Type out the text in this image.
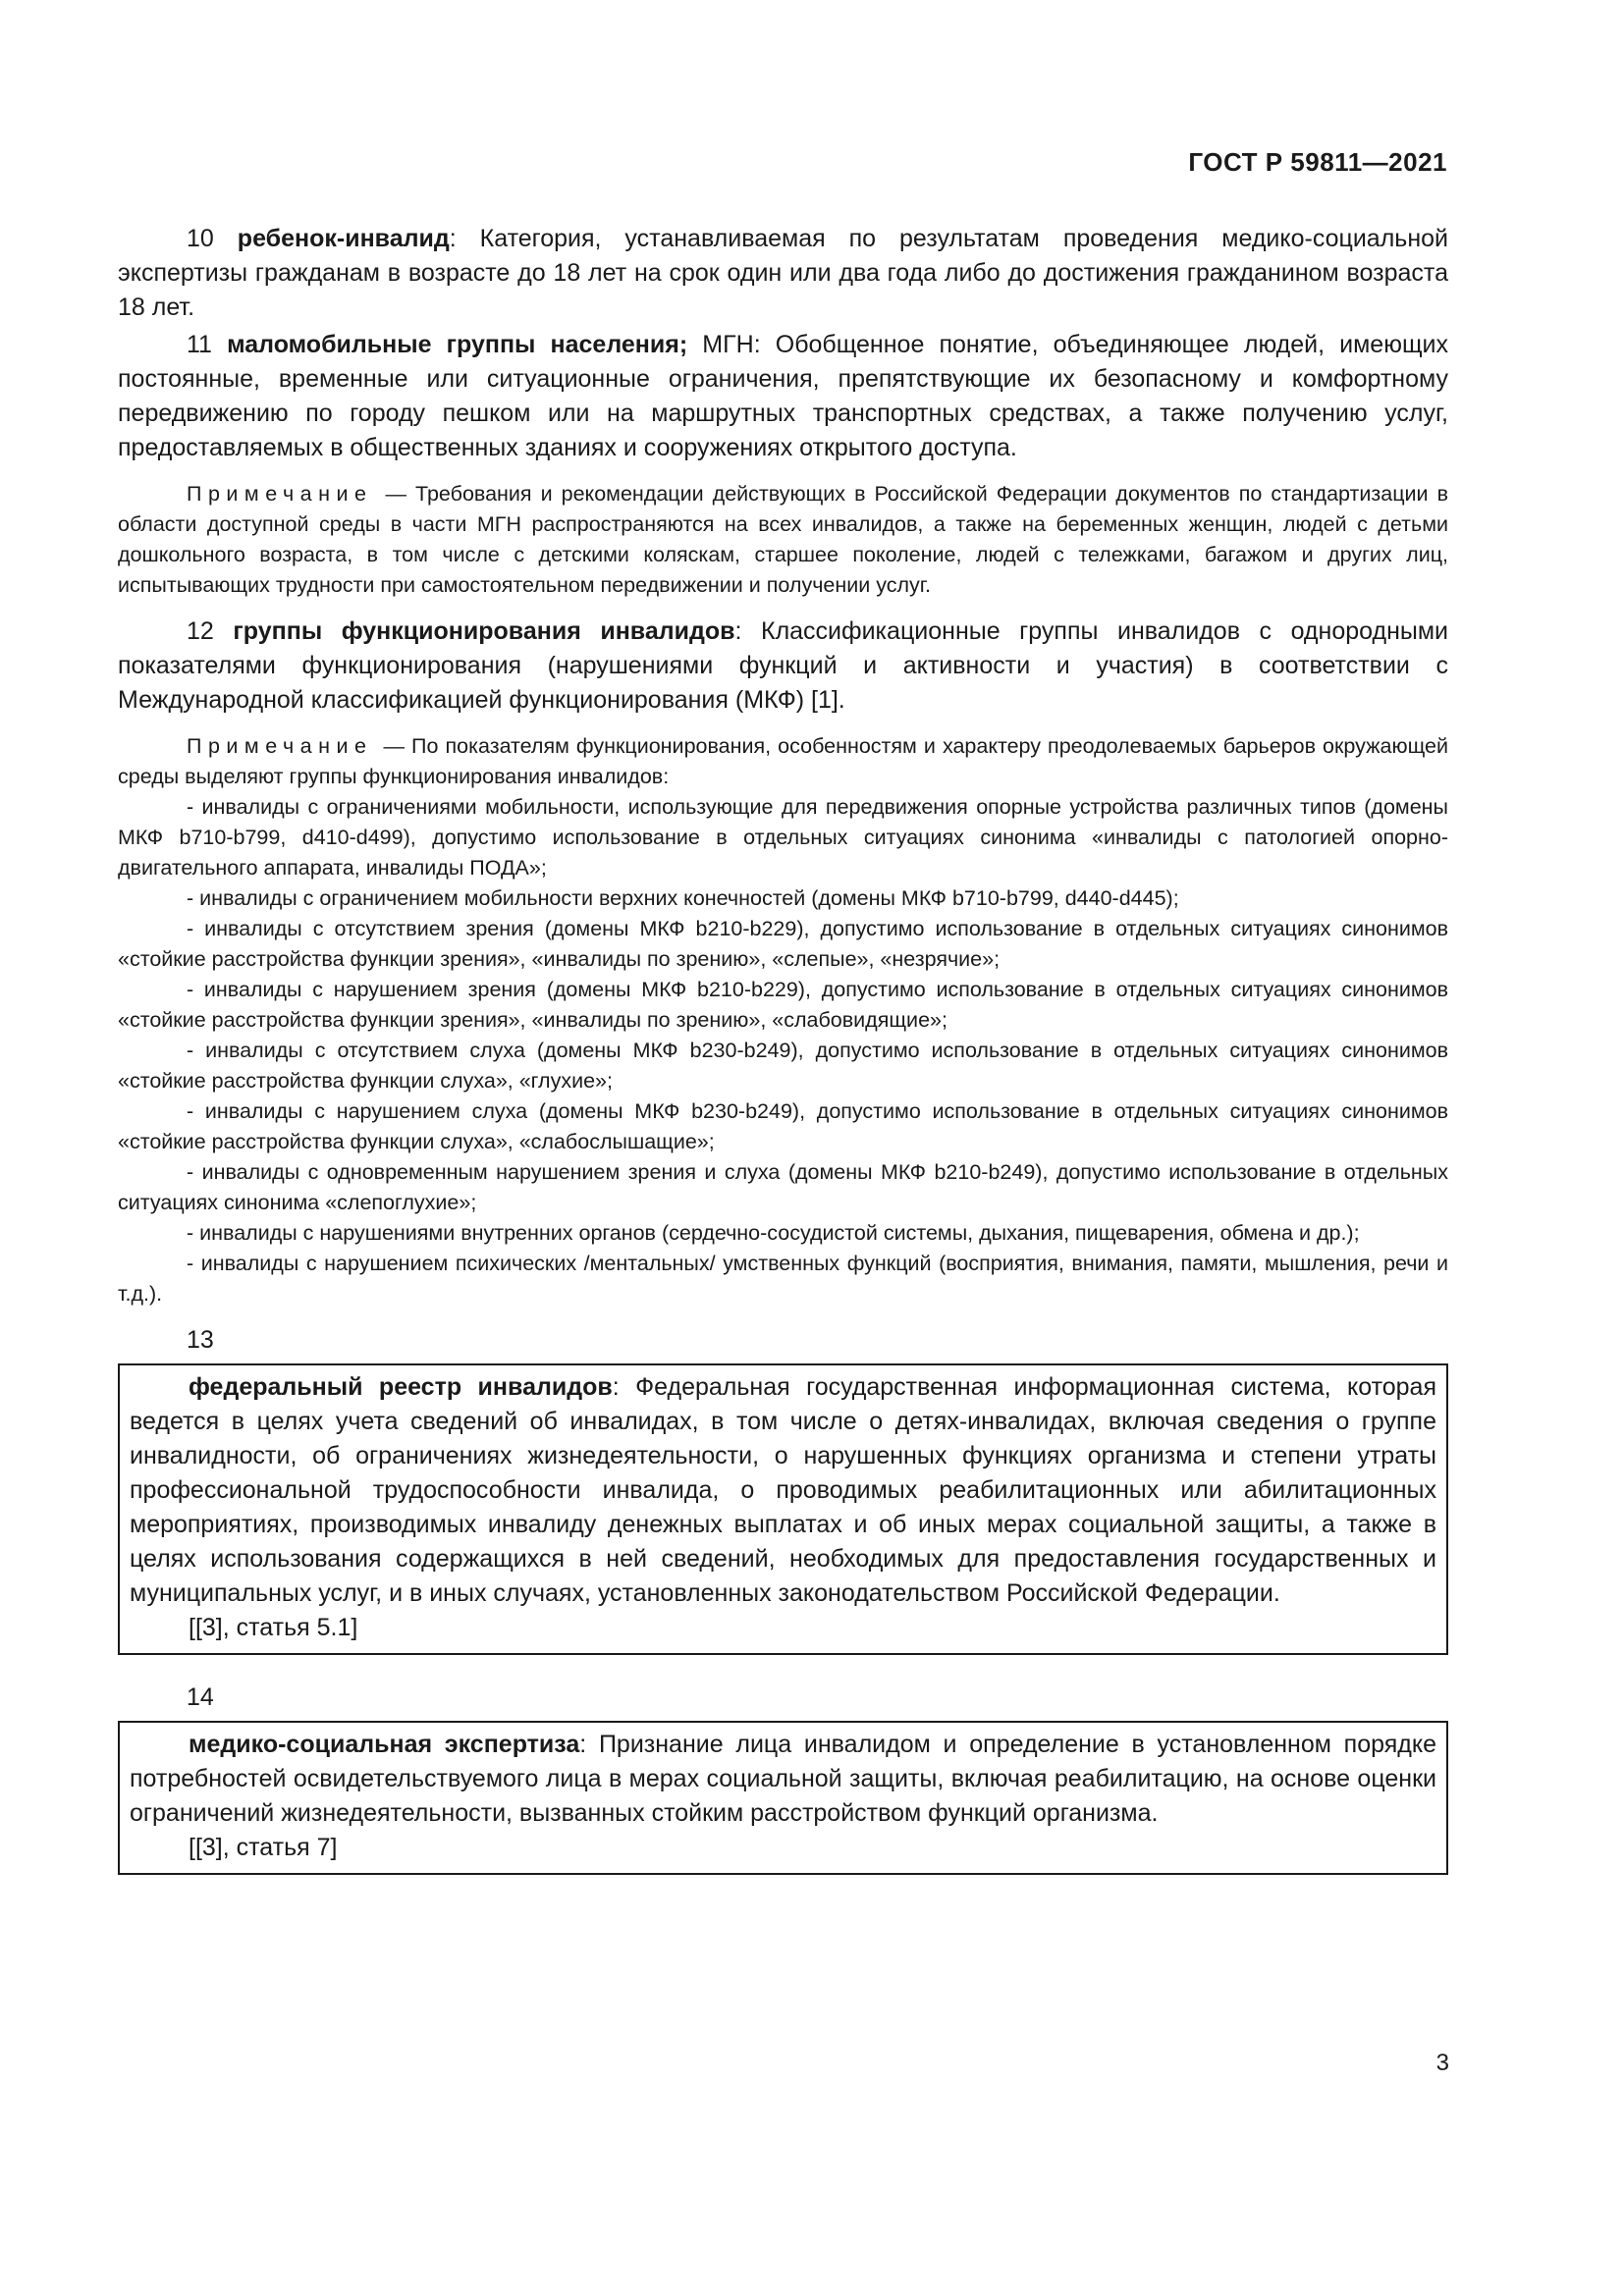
ГОСТ Р 59811—2021

10 ребенок-инвалид: Категория, устанавливаемая по результатам проведения медико-социальной экспертизы гражданам в возрасте до 18 лет на срок один или два года либо до достижения гражданином возраста 18 лет.

11 маломобильные группы населения; МГН: Обобщенное понятие, объединяющее людей, имеющих постоянные, временные или ситуационные ограничения, препятствующие их безопасному и комфортному передвижению по городу пешком или на маршрутных транспортных средствах, а также получению услуг, предоставляемых в общественных зданиях и сооружениях открытого доступа.

Примечание — Требования и рекомендации действующих в Российской Федерации документов по стандартизации в области доступной среды в части МГН распространяются на всех инвалидов, а также на беременных женщин, людей с детьми дошкольного возраста, в том числе с детскими коляскам, старшее поколение, людей с тележками, багажом и других лиц, испытывающих трудности при самостоятельном передвижении и получении услуг.

12 группы функционирования инвалидов: Классификационные группы инвалидов с однородными показателями функционирования (нарушениями функций и активности и участия) в соответствии с Международной классификацией функционирования (МКФ) [1].

Примечание — По показателям функционирования, особенностям и характеру преодолеваемых барьеров окружающей среды выделяют группы функционирования инвалидов:
- инвалиды с ограничениями мобильности, использующие для передвижения опорные устройства различных типов (домены МКФ b710-b799, d410-d499), допустимо использование в отдельных ситуациях синонима «инвалиды с патологией опорно-двигательного аппарата, инвалиды ПОДА»;
- инвалиды с ограничением мобильности верхних конечностей (домены МКФ b710-b799, d440-d445);
- инвалиды с отсутствием зрения (домены МКФ b210-b229), допустимо использование в отдельных ситуациях синонимов «стойкие расстройства функции зрения», «инвалиды по зрению», «слепые», «незрячие»;
- инвалиды с нарушением зрения (домены МКФ b210-b229), допустимо использование в отдельных ситуациях синонимов «стойкие расстройства функции зрения», «инвалиды по зрению», «слабовидящие»;
- инвалиды с отсутствием слуха (домены МКФ b230-b249), допустимо использование в отдельных ситуациях синонимов «стойкие расстройства функции слуха», «глухие»;
- инвалиды с нарушением слуха (домены МКФ b230-b249), допустимо использование в отдельных ситуациях синонимов «стойкие расстройства функции слуха», «слабослышащие»;
- инвалиды с одновременным нарушением зрения и слуха (домены МКФ b210-b249), допустимо использование в отдельных ситуациях синонима «слепоглухие»;
- инвалиды с нарушениями внутренних органов (сердечно-сосудистой системы, дыхания, пищеварения, обмена и др.);
- инвалиды с нарушением психических /ментальных/ умственных функций (восприятия, внимания, памяти, мышления, речи и т.д.).

13

федеральный реестр инвалидов: Федеральная государственная информационная система, которая ведется в целях учета сведений об инвалидах, в том числе о детях-инвалидах, включая сведения о группе инвалидности, об ограничениях жизнедеятельности, о нарушенных функциях организма и степени утраты профессиональной трудоспособности инвалида, о проводимых реабилитационных или абилитационных мероприятиях, производимых инвалиду денежных выплатах и об иных мерах социальной защиты, а также в целях использования содержащихся в ней сведений, необходимых для предоставления государственных и муниципальных услуг, и в иных случаях, установленных законодательством Российской Федерации.

[[3], статья 5.1]
14

медико-социальная экспертиза: Признание лица инвалидом и определение в установленном порядке потребностей освидетельствуемого лица в мерах социальной защиты, включая реабилитацию, на основе оценки ограничений жизнедеятельности, вызванных стойким расстройством функций организма.

[[3], статья 7]
3
